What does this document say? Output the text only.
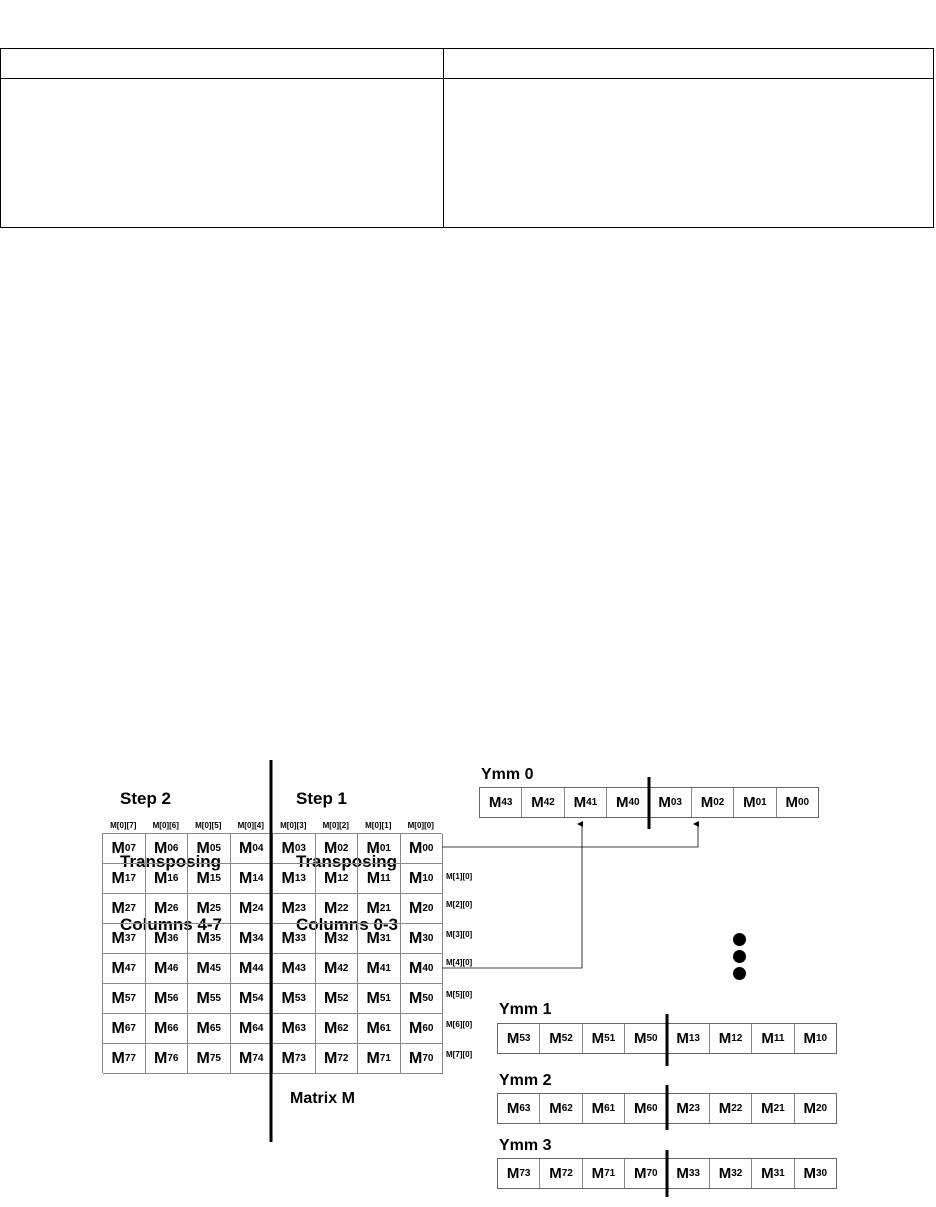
Step 2

Transposing

Columns 4-7

Step 1

Transposing

Columns 0-3

M[0][7]	M[0][6]	M[0][5]	M[0][4]	M[0][3]	M[0][2]	M[0][1]	M[0][0]
M 07 M 06 M 05 M 04 M 03 M 02 M 01 M 00
M 17 M 16 M 15 M 14 M 13 M 12 M 11 M 10
M 27 M 26 M 25 M 24 M 23 M 22 M 21 M 20
M 37 M 36 M 35 M 34 M 33 M 32 M 31 M 30
M 47 M 46 M 45 M 44 M 43 M 42 M 41 M 40
M 57 M 56 M 55 M 54 M 53 M 52 M 51 M 50
M 67 M 66 M 65 M 64 M 63 M 62 M 61 M 60
M 77 M 76 M 75 M 74 M 73 M 72 M 71 M 70
M[1][0]
M[2][0]
M[3][0]
M[4][0]
M[5][0]
M[6][0]
M[7][0]
Matrix M
Ymm 0
M 43 M 42 M 41 M 40 M 03 M 02 M 01 M 00
Ymm 1
M 53 M 52 M 51 M 50 M 13 M 12 M 11 M 10
Ymm 2
M 63 M 62 M 61 M 60 M 23 M 22 M 21 M 20
Ymm 3
M 73 M 72 M 71 M 70 M 33 M 32 M 31 M 30
